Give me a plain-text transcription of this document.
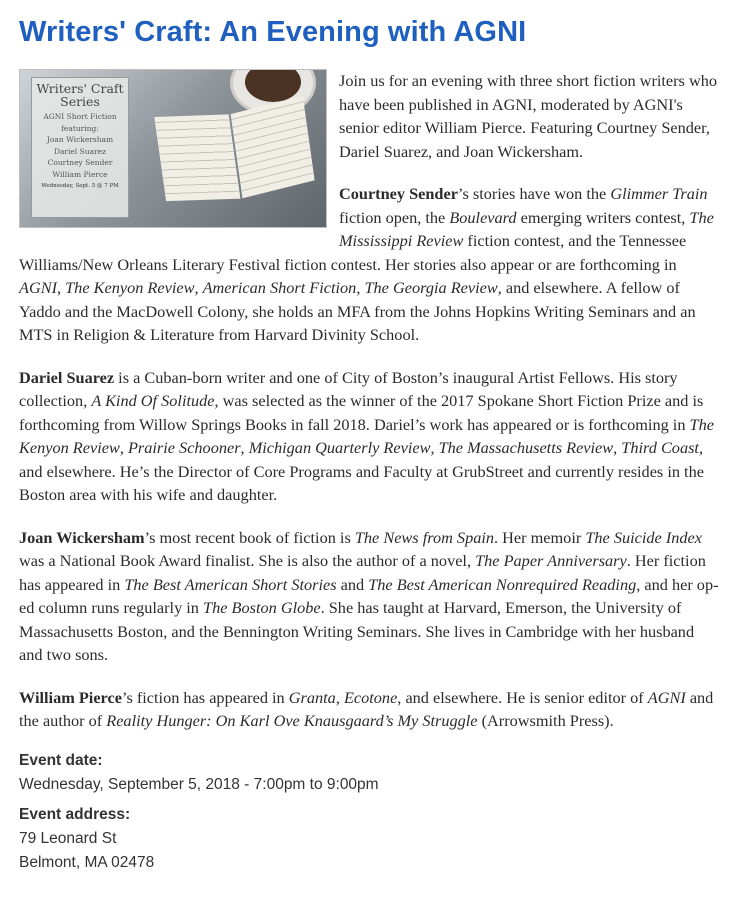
Writers' Craft: An Evening with AGNI
Writers' Craft
Series
AGNI Short Fiction
featuring:
Joan Wickersham
Dariel Suarez
Courtney Sender
William Pierce
Wednesday, Sept. 5 @ 7 PM

Join us for an evening with three short fiction writers who have been published in AGNI, moderated by AGNI's senior editor William Pierce. Featuring Courtney Sender, Dariel Suarez, and Joan Wickersham.

Courtney Sender’s stories have won the Glimmer Train fiction open, the Boulevard emerging writers contest, The Mississippi Review fiction contest, and the Tennessee Williams/New Orleans Literary Festival fiction contest. Her stories also appear or are forthcoming in AGNI, The Kenyon Review, American Short Fiction, The Georgia Review, and elsewhere. A fellow of Yaddo and the MacDowell Colony, she holds an MFA from the Johns Hopkins Writing Seminars and an MTS in Religion & Literature from Harvard Divinity School.

Dariel Suarez is a Cuban-born writer and one of City of Boston’s inaugural Artist Fellows. His story collection, A Kind Of Solitude, was selected as the winner of the 2017 Spokane Short Fiction Prize and is forthcoming from Willow Springs Books in fall 2018. Dariel’s work has appeared or is forthcoming in The Kenyon Review, Prairie Schooner, Michigan Quarterly Review, The Massachusetts Review, Third Coast, and elsewhere. He’s the Director of Core Programs and Faculty at GrubStreet and currently resides in the Boston area with his wife and daughter.

Joan Wickersham’s most recent book of fiction is The News from Spain. Her memoir The Suicide Index was a National Book Award finalist. She is also the author of a novel, The Paper Anniversary. Her fiction has appeared in The Best American Short Stories and The Best American Nonrequired Reading, and her op-ed column runs regularly in The Boston Globe. She has taught at Harvard, Emerson, the University of Massachusetts Boston, and the Bennington Writing Seminars. She lives in Cambridge with her husband and two sons.

William Pierce’s fiction has appeared in Granta, Ecotone, and elsewhere. He is senior editor of AGNI and the author of Reality Hunger: On Karl Ove Knausgaard’s My Struggle (Arrowsmith Press).

Event date:
Wednesday, September 5, 2018 - 7:00pm to 9:00pm
Event address:
79 Leonard St
Belmont, MA 02478
